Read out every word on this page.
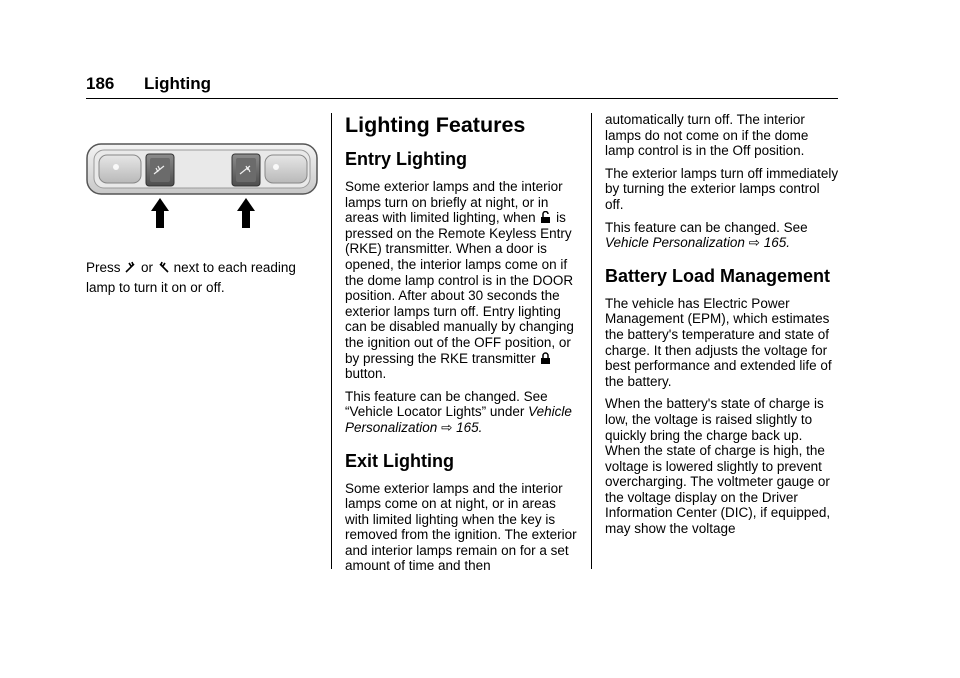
186 Lighting
Press or next to each reading lamp to turn it on or off.
Lighting Features
Entry Lighting

Some exterior lamps and the interior lamps turn on briefly at night, or in areas with limited lighting, when is pressed on the Remote Keyless Entry (RKE) transmitter. When a door is opened, the interior lamps come on if the dome lamp control is in the DOOR position. After about 30 seconds the exterior lamps turn off. Entry lighting can be disabled manually by changing the ignition out of the OFF position, or by pressing the RKE transmitter  button.

This feature can be changed. See “Vehicle Locator Lights” under Vehicle Personalization ⇨ 165.

Exit Lighting

Some exterior lamps and the interior lamps come on at night, or in areas with limited lighting when the key is removed from the ignition. The exterior and interior lamps remain on for a set amount of time and then

automatically turn off. The interior lamps do not come on if the dome lamp control is in the Off position.

The exterior lamps turn off immediately by turning the exterior lamps control off.

This feature can be changed. See Vehicle Personalization ⇨ 165.

Battery Load Management

The vehicle has Electric Power Management (EPM), which estimates the battery's temperature and state of charge. It then adjusts the voltage for best performance and extended life of the battery.

When the battery's state of charge is low, the voltage is raised slightly to quickly bring the charge back up. When the state of charge is high, the voltage is lowered slightly to prevent overcharging. The voltmeter gauge or the voltage display on the Driver Information Center (DIC), if equipped, may show the voltage
